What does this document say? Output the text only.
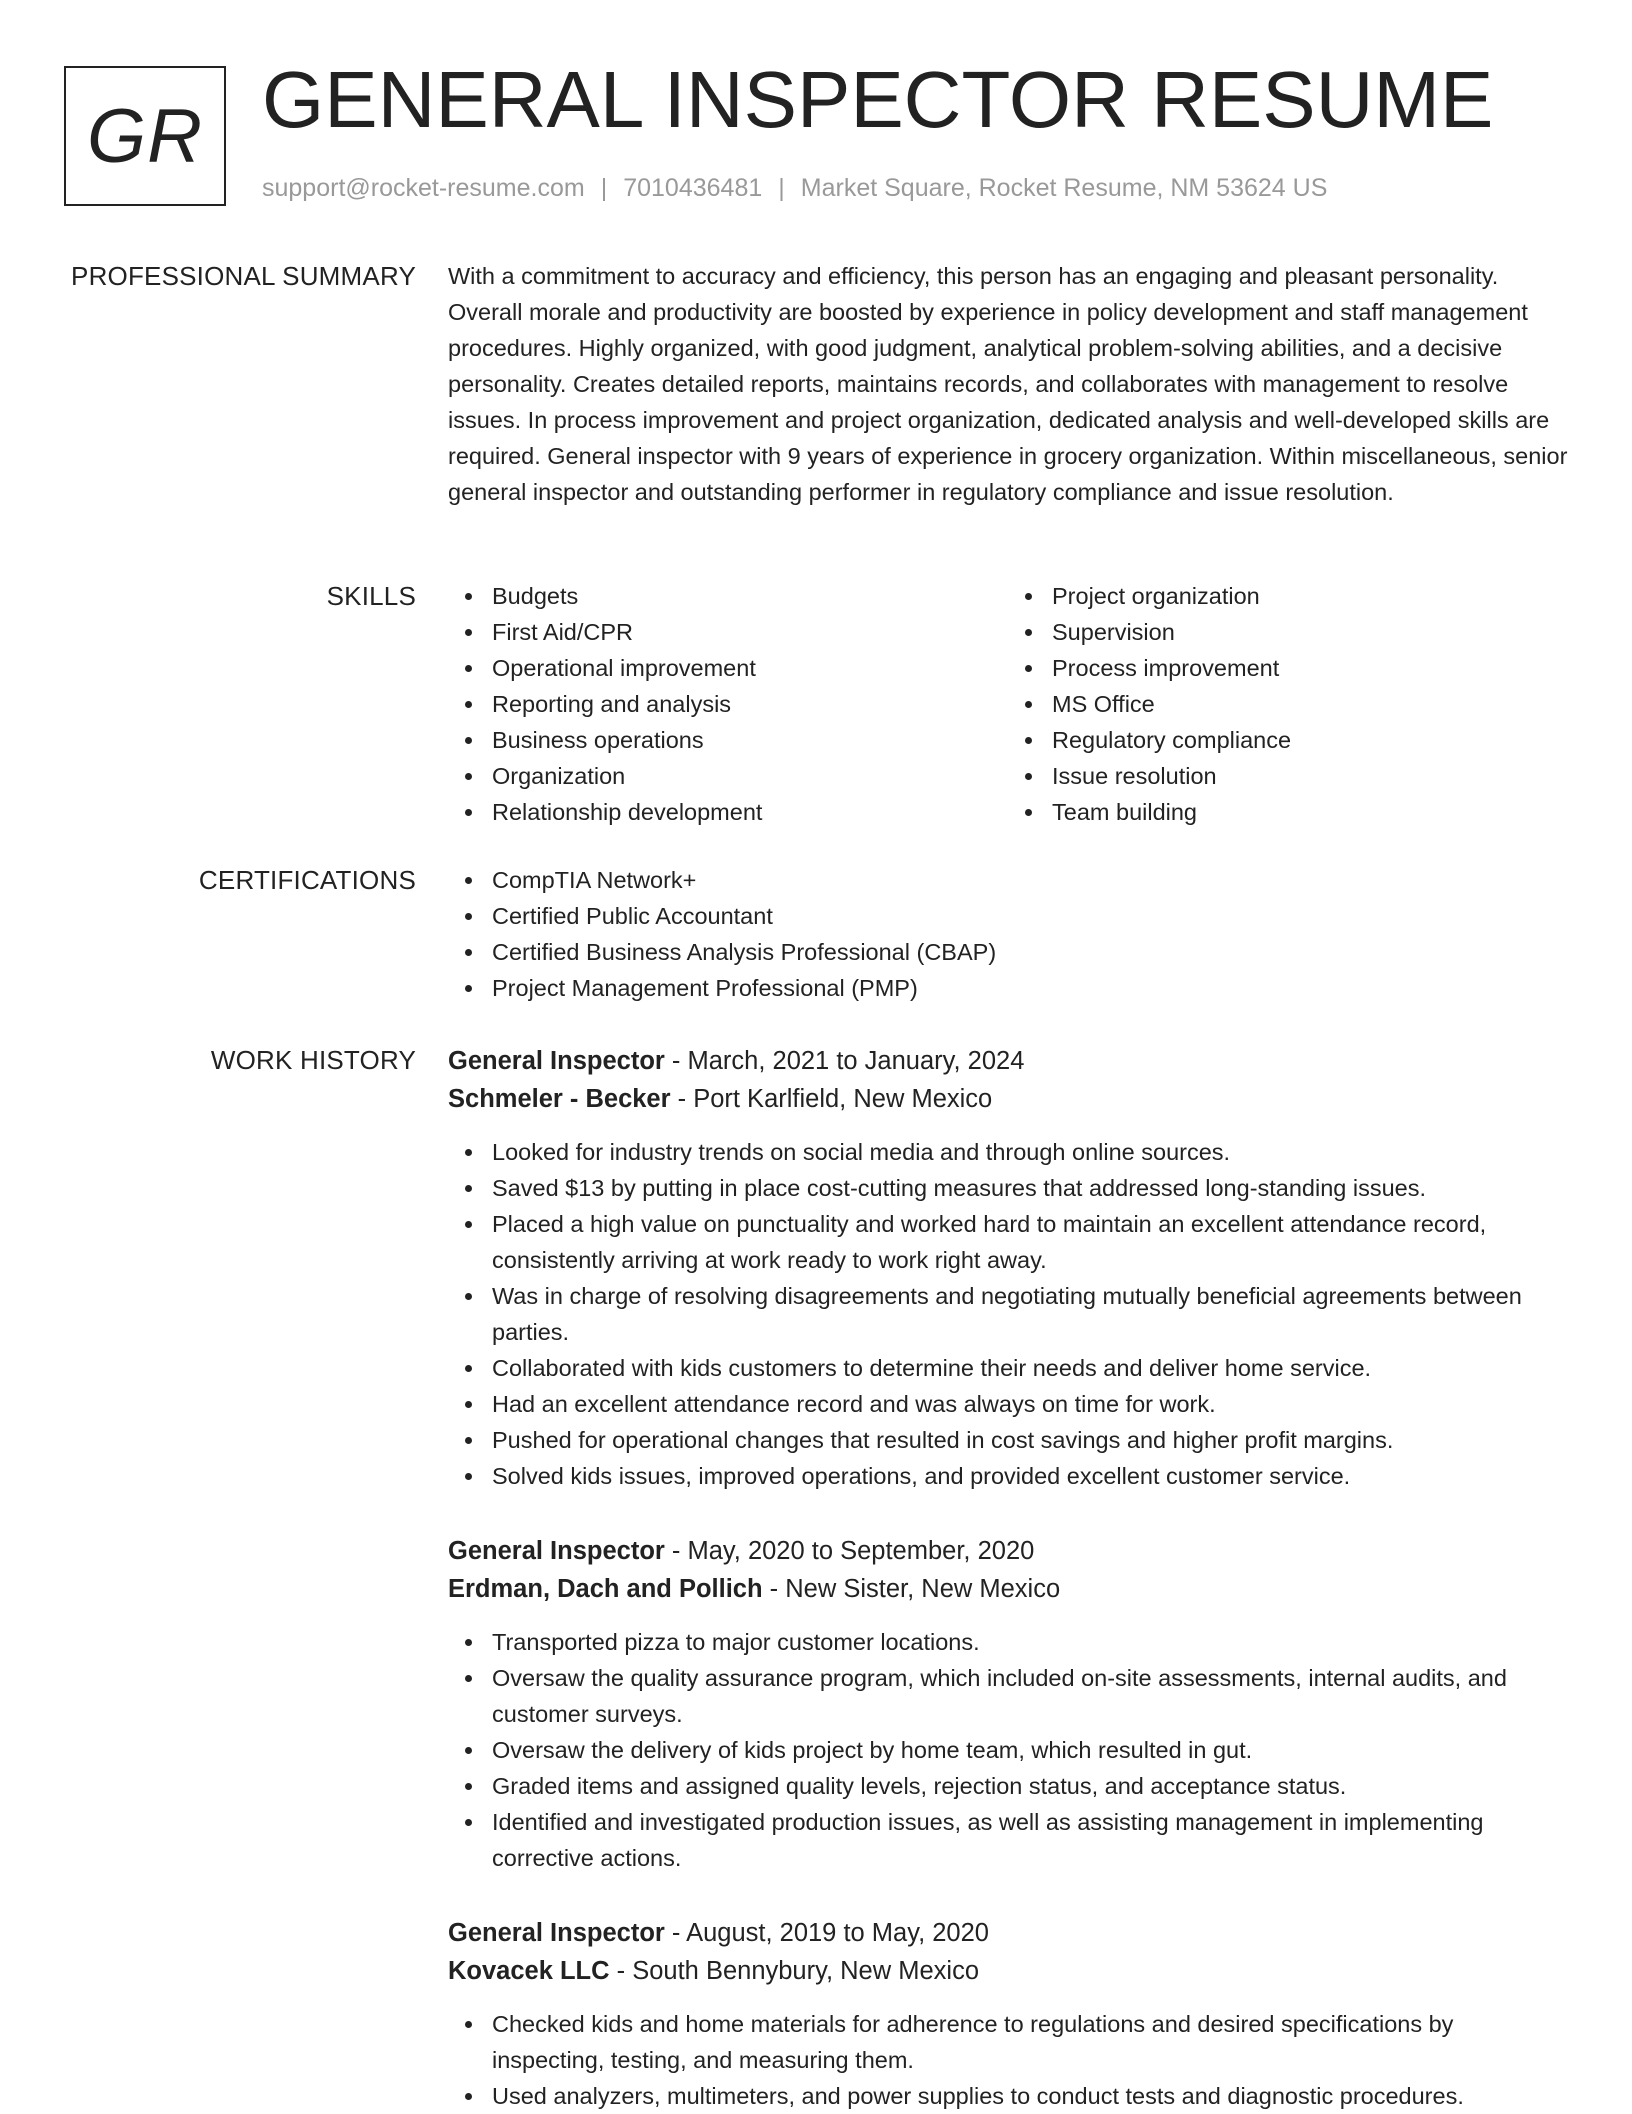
GR GENERAL INSPECTOR RESUME
support@rocket-resume.com | 7010436481 | Market Square, Rocket Resume, NM 53624 US
PROFESSIONAL SUMMARY With a commitment to accuracy and efficiency, this person has an engaging and pleasant personality. Overall morale and productivity are boosted by experience in policy development and staff management procedures. Highly organized, with good judgment, analytical problem-solving abilities, and a decisive personality. Creates detailed reports, maintains records, and collaborates with management to resolve issues. In process improvement and project organization, dedicated analysis and well-developed skills are required. General inspector with 9 years of experience in grocery organization. Within miscellaneous, senior general inspector and outstanding performer in regulatory compliance and issue resolution.

SKILLS	Budgets
First Aid/CPR
Operational improvement
Reporting and analysis
Business operations
Organization
Relationship development
Project organization
Supervision
Process improvement
MS Office
Regulatory compliance
Issue resolution
Team building
CERTIFICATIONS	CompTIA Network+
Certified Public Accountant
Certified Business Analysis Professional (CBAP)
Project Management Professional (PMP)
WORK HISTORY General Inspector - March, 2021 to January, 2024
Schmeler - Becker - Port Karlfield, New Mexico
Looked for industry trends on social media and through online sources.
Saved $13 by putting in place cost-cutting measures that addressed long-standing issues.
Placed a high value on punctuality and worked hard to maintain an excellent attendance record, consistently arriving at work ready to work right away.
Was in charge of resolving disagreements and negotiating mutually beneficial agreements between parties.
Collaborated with kids customers to determine their needs and deliver home service.
Had an excellent attendance record and was always on time for work.
Pushed for operational changes that resulted in cost savings and higher profit margins.
Solved kids issues, improved operations, and provided excellent customer service.
General Inspector - May, 2020 to September, 2020
Erdman, Dach and Pollich - New Sister, New Mexico
Transported pizza to major customer locations.
Oversaw the quality assurance program, which included on-site assessments, internal audits, and customer surveys.
Oversaw the delivery of kids project by home team, which resulted in gut.
Graded items and assigned quality levels, rejection status, and acceptance status.
Identified and investigated production issues, as well as assisting management in implementing corrective actions.
General Inspector - August, 2019 to May, 2020
Kovacek LLC - South Bennybury, New Mexico
Checked kids and home materials for adherence to regulations and desired specifications by inspecting, testing, and measuring them.
Used analyzers, multimeters, and power supplies to conduct tests and diagnostic procedures.
